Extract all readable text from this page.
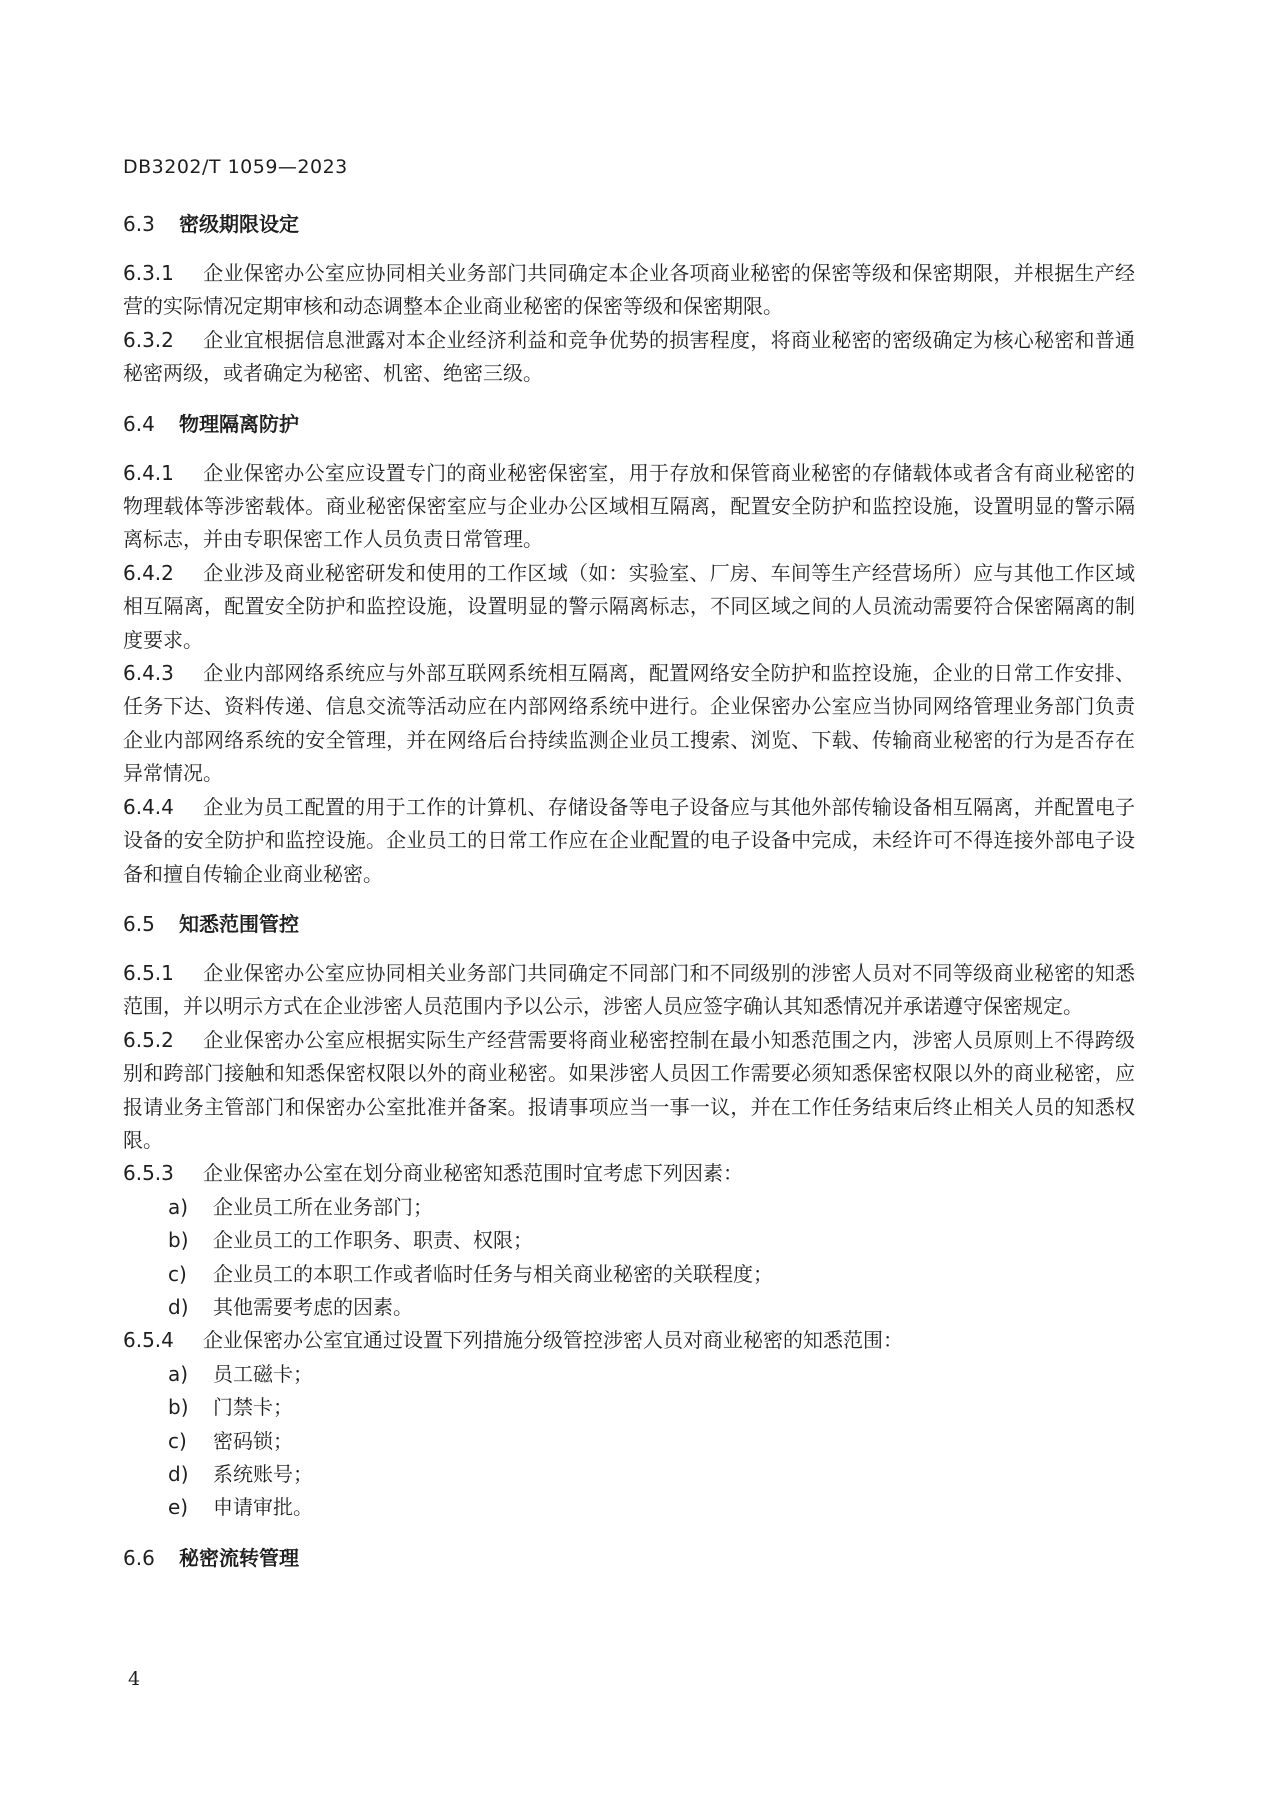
DB3202/T 1059—2023
6.3 密级期限设定

6.3.1 企业保密办公室应协同相关业务部门共同确定本企业各项商业秘密的保密等级和保密期限，并根据生产经营的实际情况定期审核和动态调整本企业商业秘密的保密等级和保密期限。

6.3.2 企业宜根据信息泄露对本企业经济利益和竞争优势的损害程度，将商业秘密的密级确定为核心秘密和普通秘密两级，或者确定为秘密、机密、绝密三级。

6.4 物理隔离防护

6.4.1 企业保密办公室应设置专门的商业秘密保密室，用于存放和保管商业秘密的存储载体或者含有商业秘密的物理载体等涉密载体。商业秘密保密室应与企业办公区域相互隔离，配置安全防护和监控设施，设置明显的警示隔离标志，并由专职保密工作人员负责日常管理。

6.4.2 企业涉及商业秘密研发和使用的工作区域（如：实验室、厂房、车间等生产经营场所）应与其他工作区域相互隔离，配置安全防护和监控设施，设置明显的警示隔离标志，不同区域之间的人员流动需要符合保密隔离的制度要求。

6.4.3 企业内部网络系统应与外部互联网系统相互隔离，配置网络安全防护和监控设施，企业的日常工作安排、任务下达、资料传递、信息交流等活动应在内部网络系统中进行。企业保密办公室应当协同网络管理业务部门负责企业内部网络系统的安全管理，并在网络后台持续监测企业员工搜索、浏览、下载、传输商业秘密的行为是否存在异常情况。

6.4.4 企业为员工配置的用于工作的计算机、存储设备等电子设备应与其他外部传输设备相互隔离，并配置电子设备的安全防护和监控设施。企业员工的日常工作应在企业配置的电子设备中完成，未经许可不得连接外部电子设备和擅自传输企业商业秘密。

6.5 知悉范围管控

6.5.1 企业保密办公室应协同相关业务部门共同确定不同部门和不同级别的涉密人员对不同等级商业秘密的知悉范围，并以明示方式在企业涉密人员范围内予以公示，涉密人员应签字确认其知悉情况并承诺遵守保密规定。

6.5.2 企业保密办公室应根据实际生产经营需要将商业秘密控制在最小知悉范围之内，涉密人员原则上不得跨级别和跨部门接触和知悉保密权限以外的商业秘密。如果涉密人员因工作需要必须知悉保密权限以外的商业秘密，应报请业务主管部门和保密办公室批准并备案。报请事项应当一事一议，并在工作任务结束后终止相关人员的知悉权限。

6.5.3 企业保密办公室在划分商业秘密知悉范围时宜考虑下列因素：

a) 企业员工所在业务部门；

b) 企业员工的工作职务、职责、权限；

c) 企业员工的本职工作或者临时任务与相关商业秘密的关联程度；

d) 其他需要考虑的因素。

6.5.4 企业保密办公室宜通过设置下列措施分级管控涉密人员对商业秘密的知悉范围：

a) 员工磁卡；

b) 门禁卡；

c) 密码锁；

d) 系统账号；

e) 申请审批。

6.6 秘密流转管理
4
